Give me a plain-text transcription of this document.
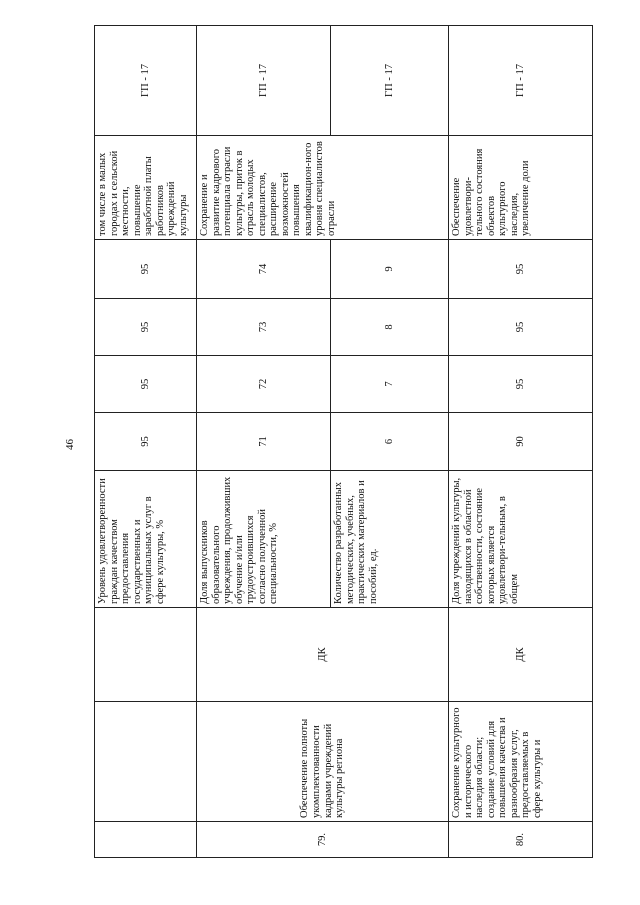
46
			Уровень удовлетворенности граждан качеством предоставления государственных и муниципальных услуг в сфере культуры, %	95	95	95	95	том числе в малых городах и сельской местности, повышение заработной платы работников учреждений культуры	ГП - 17
79.	Обеспечение полноты укомплектованности кадрами учреждений культуры региона	ДК	Доля выпускников образовательного учреждения, продолживших обучение и/или трудоустроившихся согласно полученной специальности, %	71	72	73	74	Сохранение и развитие кадрового потенциала отрасли культуры, приток в отрасль молодых специалистов, расширение возможностей повышения квалификацион-ного уровня специалистов отрасли	ГП - 17
			Количество разработанных методических, учебных, практических материалов и пособий, ед.	6	7	8	9		ГП - 17
80.	Сохранение культурного и исторического наследия области; создание условий для повышения качества и разнообразия услуг, предоставляемых в сфере культуры и	ДК	Доля учреждений культуры, находящихся в областной собственности, состояние которых является удовлетвори-тельным, в общем	90	95	95	95	Обеспечение удовлетвори-тельного состояния объектов культурного наследия, увеличение доли	ГП - 17
